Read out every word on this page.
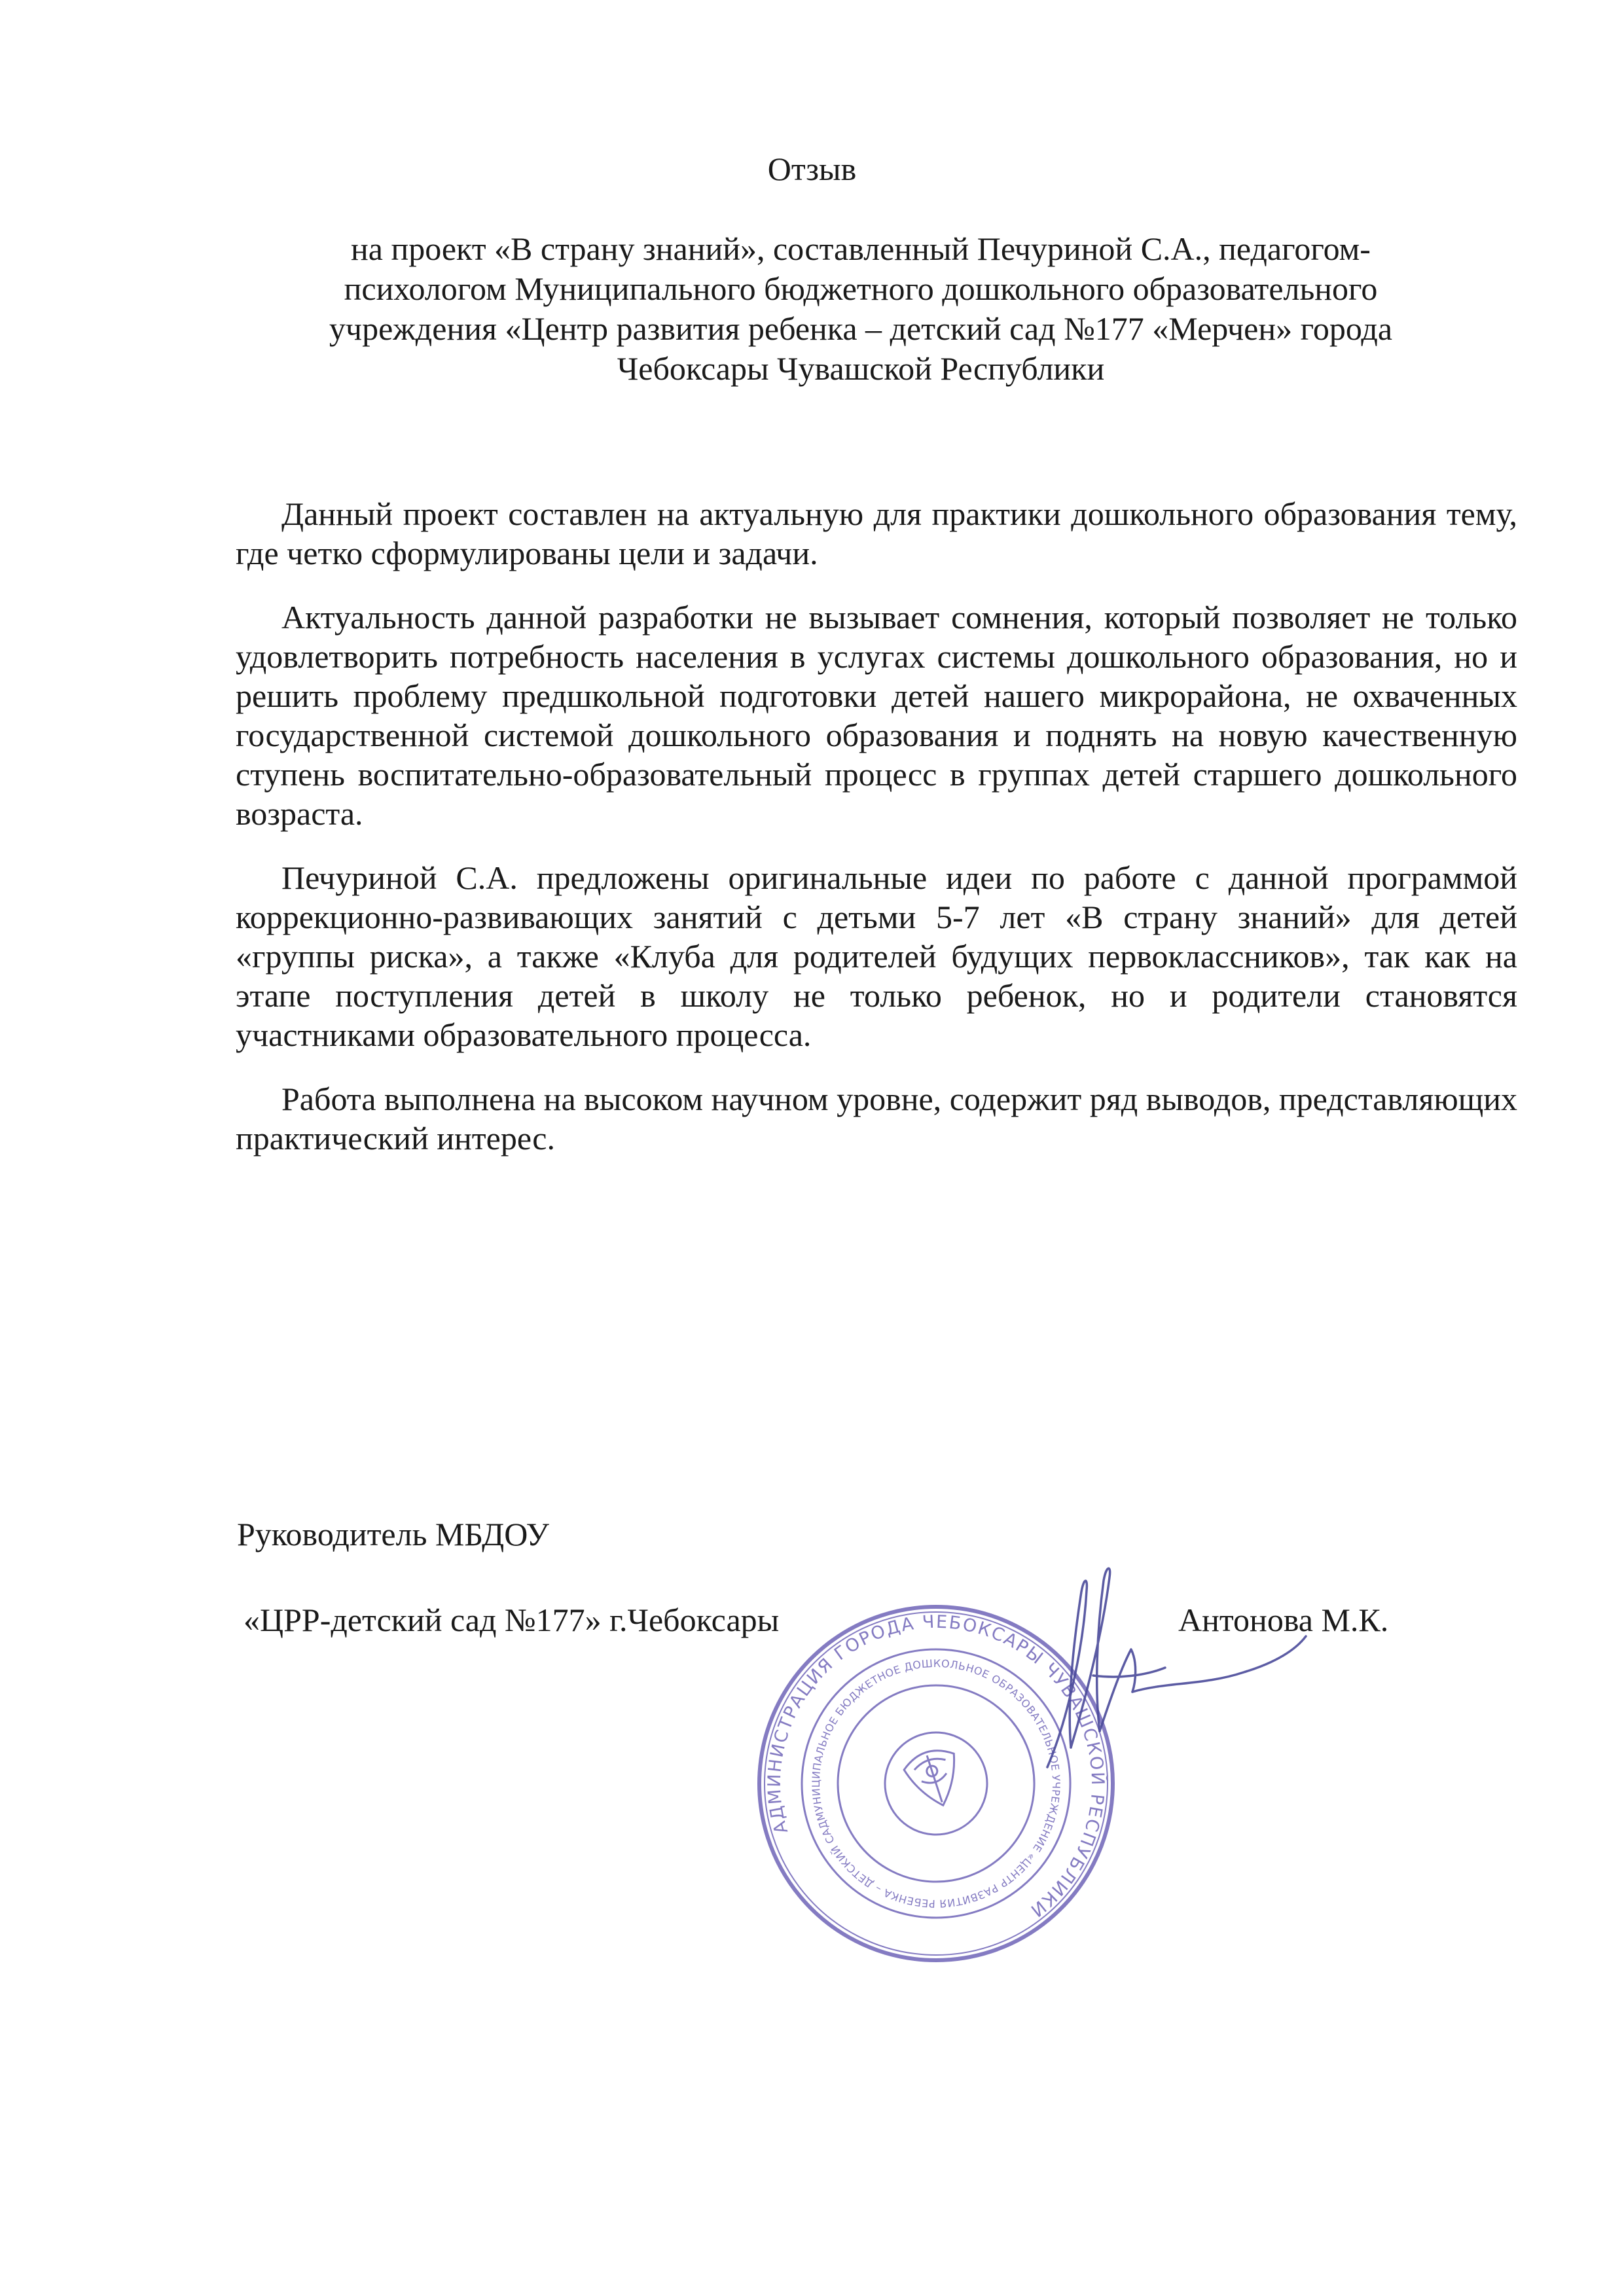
Отзыв
на проект «В страну знаний», составленный Печуриной С.А., педагогом-
психологом Муниципального бюджетного дошкольного образовательного
учреждения «Центр развития ребенка – детский сад №177 «Мерчен» города
Чебоксары Чувашской Республики

Данный проект составлен на актуальную для практики дошкольного образования тему, где четко сформулированы цели и задачи.

Актуальность данной разработки не вызывает сомнения, который позволяет не только удовлетворить потребность населения в услугах системы дошкольного образования, но и решить проблему предшкольной подготовки детей нашего микрорайона, не охваченных государственной системой дошкольного образования и поднять на новую качественную ступень воспитательно-образовательный процесс в группах детей старшего дошкольного возраста.

Печуриной С.А. предложены оригинальные идеи по работе с данной программой коррекционно-развивающих занятий с детьми 5-7 лет «В страну знаний» для детей «группы риска», а также «Клуба для родителей будущих первоклассников», так как на этапе поступления детей в школу не только ребенок, но и родители становятся участниками образовательного процесса.

Работа выполнена на высоком научном уровне, содержит ряд выводов, представляющих практический интерес.

Руководитель МБДОУ
«ЦРР-детский сад №177» г.Чебоксары	Антонова М.К.
АДМИНИСТРАЦИЯ ГОРОДА ЧЕБОКСАРЫ ЧУВАШСКОЙ РЕСПУБЛИКИ
МУНИЦИПАЛЬНОЕ БЮДЖЕТНОЕ ДОШКОЛЬНОЕ ОБРАЗОВАТЕЛЬНОЕ УЧРЕЖДЕНИЕ «ЦЕНТР РАЗВИТИЯ РЕБЕНКА – ДЕТСКИЙ САД
